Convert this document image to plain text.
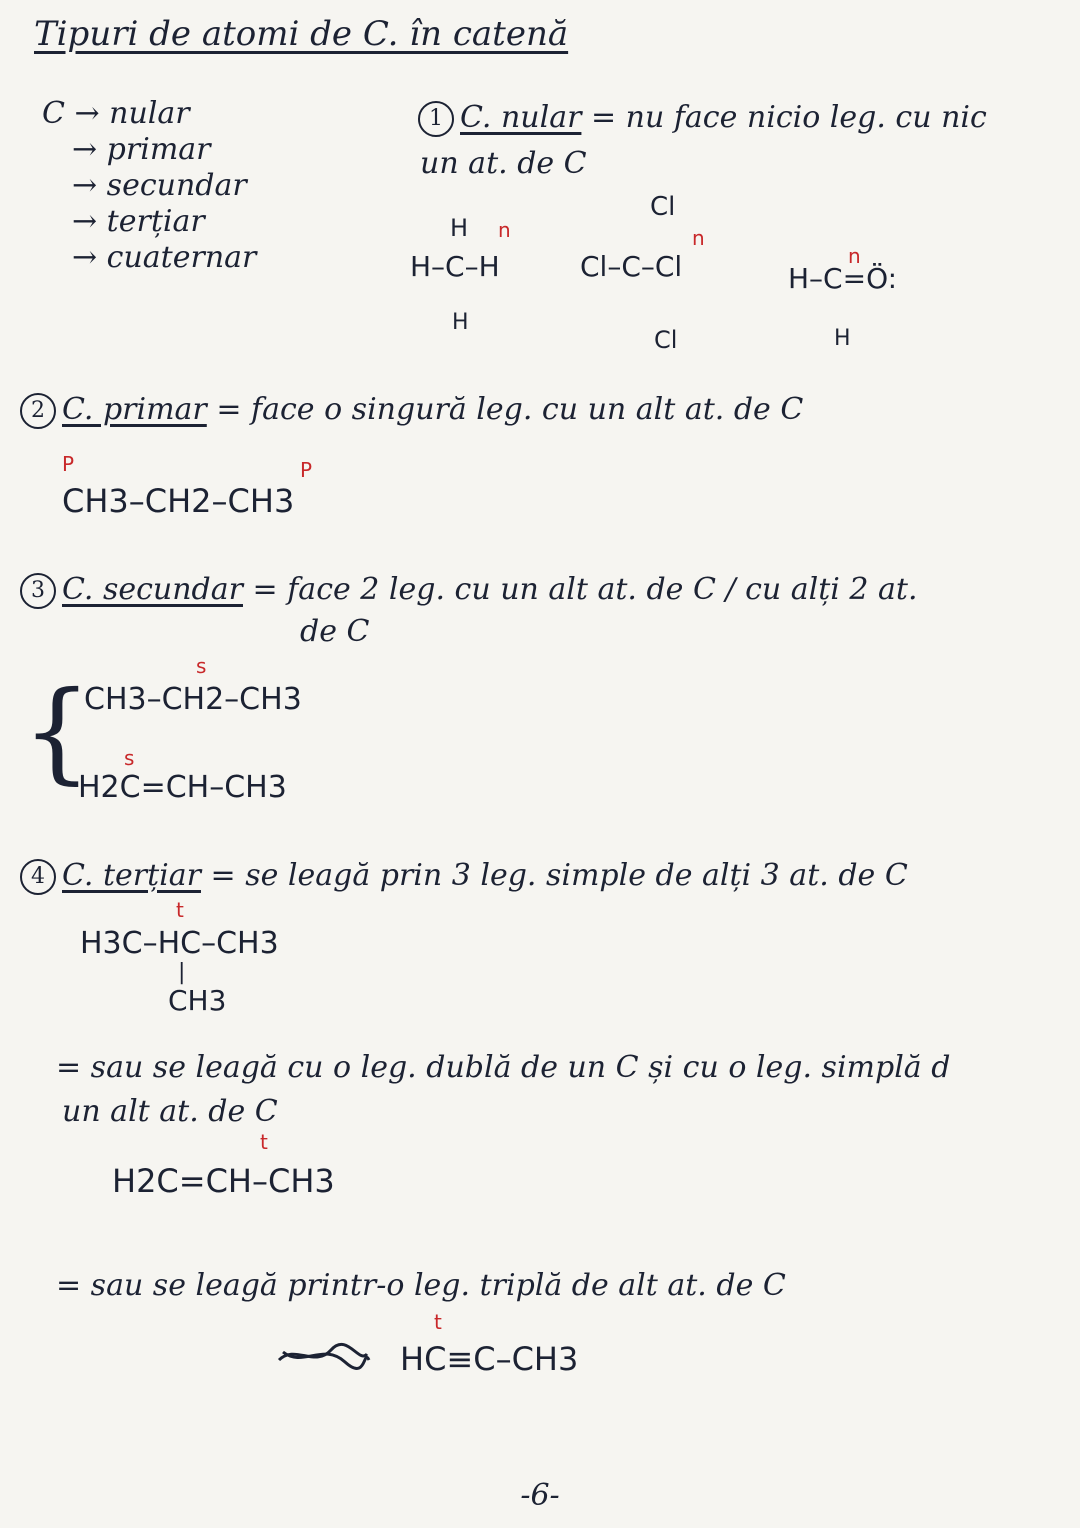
Tipuri de atomi de C. în catenă
C → nular
→ primar
→ secundar
→ terțiar
→ cuaternar
1 C. nular = nu face nicio leg. cu nic
un at. de C
n
H
H–C–H
H
n
Cl
Cl–C–Cl
Cl
n
H–C=Ö:
H
2 C. primar = face o singură leg. cu un alt at. de C
P	P
CH3–CH2–CH3
3 C. secundar = face 2 leg. cu un alt at. de C / cu alți 2 at.
de C
{
s
CH3–CH2–CH3
s
H2C=CH–CH3
4 C. terțiar = se leagă prin 3 leg. simple de alți 3 at. de C
t
H3C–HC–CH3
|
CH3
= sau se leagă cu o leg. dublă de un C și cu o leg. simplă d
un alt at. de C
t
H2C=CH–CH3
= sau se leagă printr-o leg. triplă de alt at. de C
t
HC≡C–CH3
-6-
